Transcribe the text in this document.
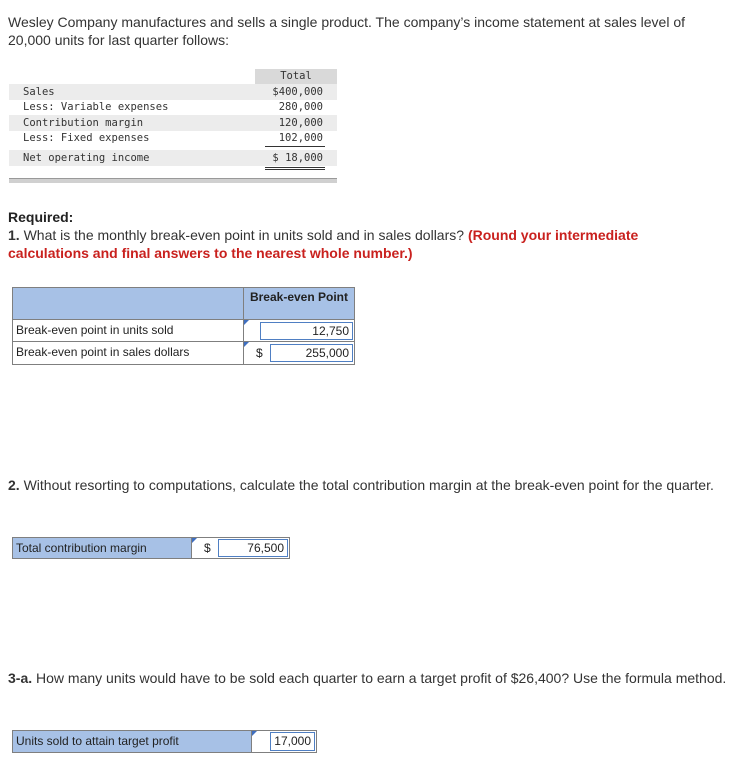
Wesley Company manufactures and sells a single product. The company’s income statement at sales level of 20,000 units for last quarter follows:
Total
Sales	$400,000
Less: Variable expenses	280,000
Contribution margin	120,000
Less: Fixed expenses	102,000
Net operating income	$ 18,000
Required:
1. What is the monthly break-even point in units sold and in sales dollars? (Round your intermediate calculations and final answers to the nearest whole number.)
Break-even Point
Break-even point in units sold	12,750
Break-even point in sales dollars	$	255,000
2. Without resorting to computations, calculate the total contribution margin at the break-even point for the quarter.
Total contribution margin	$	76,500
3-a. How many units would have to be sold each quarter to earn a target profit of $26,400? Use the formula method.
Units sold to attain target profit	17,000
